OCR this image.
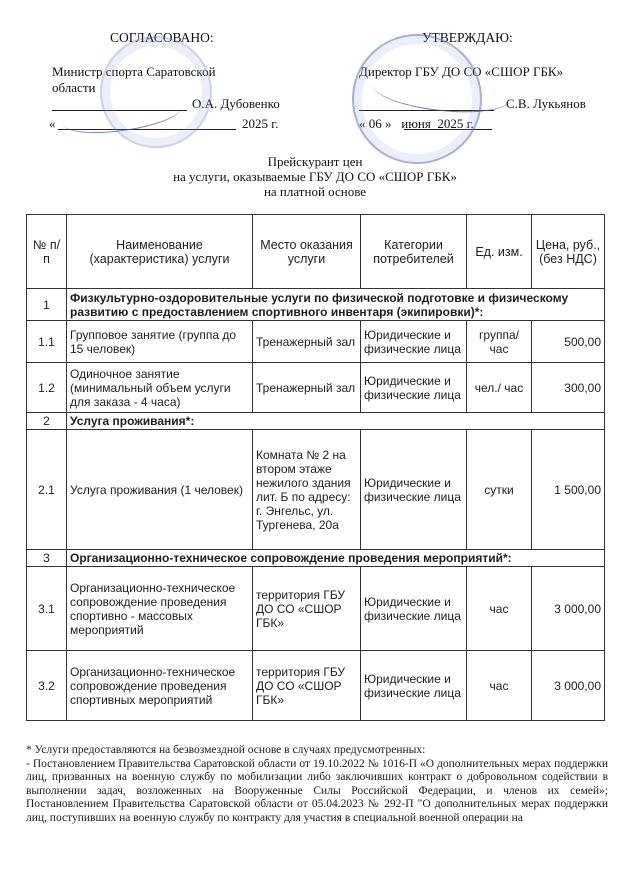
СОГЛАСОВАНО:
Министр спорта Саратовской
области
О.А. Дубовенко
«	2025 г.
УТВЕРЖДАЮ:
Директор ГБУ ДО СО «СШОР ГБК»
С.В. Лукьянов
« 06 »   июня  2025 г.
Прейскурант цен
на услуги, оказываемые ГБУ ДО СО «СШОР ГБК»
на платной основе
№ п/п	Наименование (характеристика) услуги	Место оказания услуги	Категории потребителей	Ед. изм.	Цена, руб., (без НДС)
1	Физкультурно-оздоровительные услуги по физической подготовке и физическому развитию с предоставлением спортивного инвентаря (экипировки)*:				
1.1	Групповое занятие (группа до 15 человек)	Тренажерный зал	Юридические и физические лица	группа/ час	500,00
1.2	Одиночное занятие (минимальный объем услуги для заказа - 4 часа)	Тренажерный зал	Юридические и физические лица	чел./ час	300,00
2	Услуга проживания*:				
2.1	Услуга проживания (1 человек)	Комната № 2 на втором этаже нежилого здания лит. Б по адресу: г. Энгельс, ул. Тургенева, 20а	Юридические и физические лица	сутки	1 500,00
3	Организационно-техническое сопровождение проведения мероприятий*:				
3.1	Организационно-техническое сопровождение проведения спортивно - массовых мероприятий	территория ГБУ ДО СО «СШОР ГБК»	Юридические и физические лица	час	3 000,00
3.2	Организационно-техническое сопровождение проведения спортивных мероприятий	территория ГБУ ДО СО «СШОР ГБК»	Юридические и физические лица	час	3 000,00

* Услуги предоставляются на безвозмездной основе в случаях предусмотренных:

- Постановлением Правительства Саратовской области от 19.10.2022 № 1016-П «О дополнительных мерах поддержки лиц, призванных на военную службу по мобилизации либо заключивших контракт о добровольном содействии в выполнении задач, возложенных на Вооруженные Силы Российской Федерации, и членов их семей»; Постановлением Правительства Саратовской области от 05.04.2023 № 292-П "О дополнительных мерах поддержки лиц, поступивших на военную службу по контракту для участия в специальной военной операции на
